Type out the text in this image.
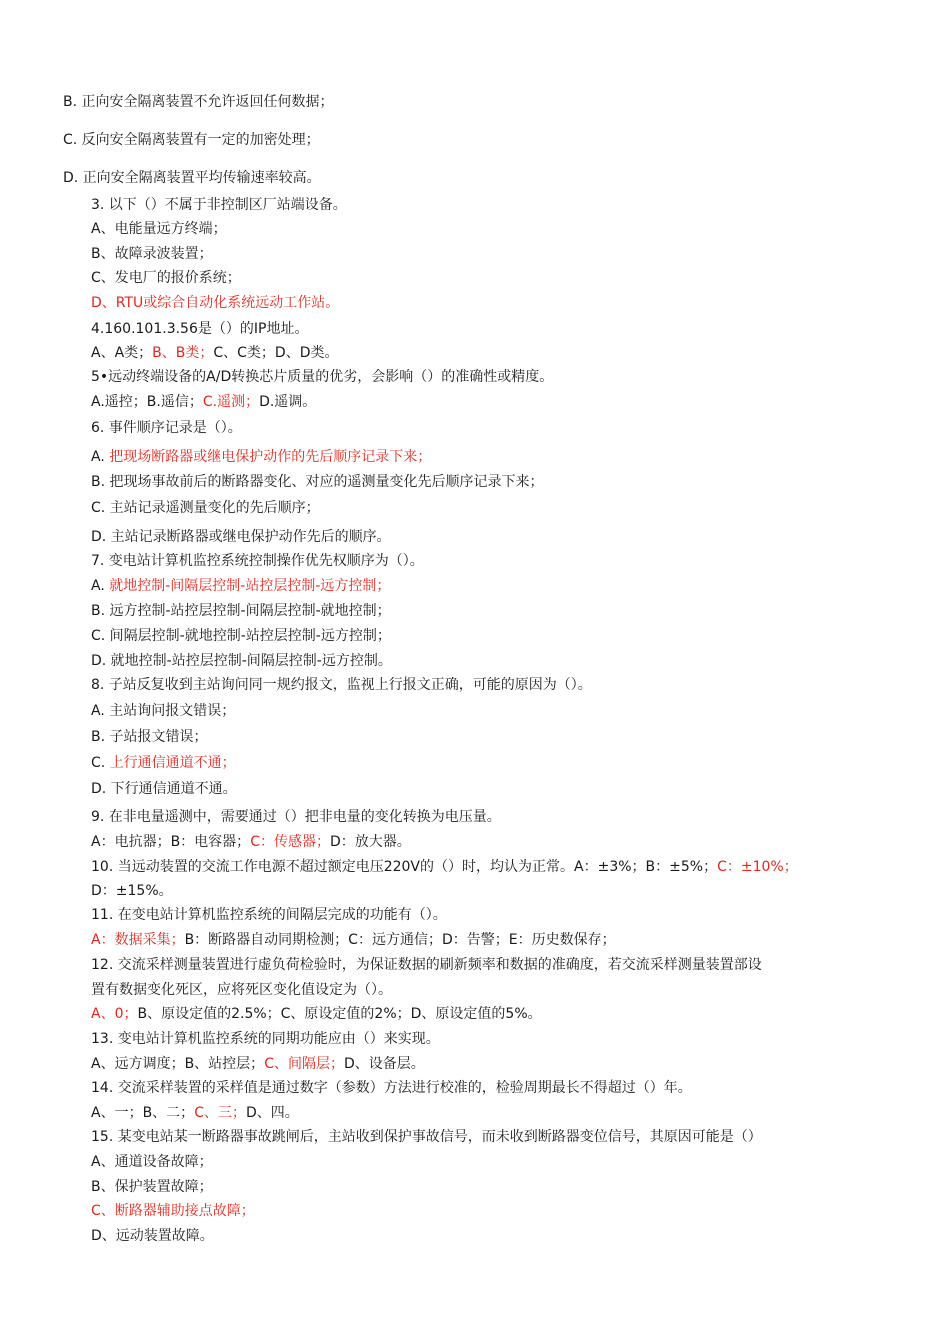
B. 正向安全隔离装置不允许返回任何数据；
C. 反向安全隔离装置有一定的加密处理；
D. 正向安全隔离装置平均传输速率较高。
3. 以下（）不属于非控制区厂站端设备。
A、电能量远方终端；
B、故障录波装置；
C、发电厂的报价系统；
D、RTU或综合自动化系统远动工作站。
4.160.101.3.56是（）的IP地址。
A、A类；B、B类；C、C类；D、D类。
5•远动终端设备的A/D转换芯片质量的优劣，会影响（）的准确性或精度。
A.遥控；B.遥信；C.遥测；D.遥调。
6. 事件顺序记录是（）。
A. 把现场断路器或继电保护动作的先后顺序记录下来；
B. 把现场事故前后的断路器变化、对应的遥测量变化先后顺序记录下来；
C. 主站记录遥测量变化的先后顺序；
D. 主站记录断路器或继电保护动作先后的顺序。
7. 变电站计算机监控系统控制操作优先权顺序为（）。
A. 就地控制-间隔层控制-站控层控制-远方控制；
B. 远方控制-站控层控制-间隔层控制-就地控制；
C. 间隔层控制-就地控制-站控层控制-远方控制；
D. 就地控制-站控层控制-间隔层控制-远方控制。
8. 子站反复收到主站询问同一规约报文，监视上行报文正确，可能的原因为（）。
A. 主站询问报文错误；
B. 子站报文错误；
C. 上行通信通道不通；
D. 下行通信通道不通。
9. 在非电量遥测中，需要通过（）把非电量的变化转换为电压量。
A：电抗器；B：电容器；C：传感器；D：放大器。
10. 当远动装置的交流工作电源不超过额定电压220V的（）时，均认为正常。A：±3%；B：±5%；C：±10%；
D：±15%。
11. 在变电站计算机监控系统的间隔层完成的功能有（）。
A：数据采集；B：断路器自动同期检测；C：远方通信；D：告警；E：历史数保存；
12. 交流采样测量装置进行虚负荷检验时，为保证数据的刷新频率和数据的准确度，若交流采样测量装置部设
置有数据变化死区，应将死区变化值设定为（）。
A、0；B、原设定值的2.5%；C、原设定值的2%；D、原设定值的5%。
13. 变电站计算机监控系统的同期功能应由（）来实现。
A、远方调度；B、站控层；C、间隔层；D、设备层。
14. 交流采样装置的采样值是通过数字（参数）方法进行校准的，检验周期最长不得超过（）年。
A、一；B、二；C、三；D、四。
15. 某变电站某一断路器事故跳闸后，主站收到保护事故信号，而未收到断路器变位信号，其原因可能是（）
A、通道设备故障；
B、保护装置故障；
C、断路器辅助接点故障；
D、远动装置故障。
